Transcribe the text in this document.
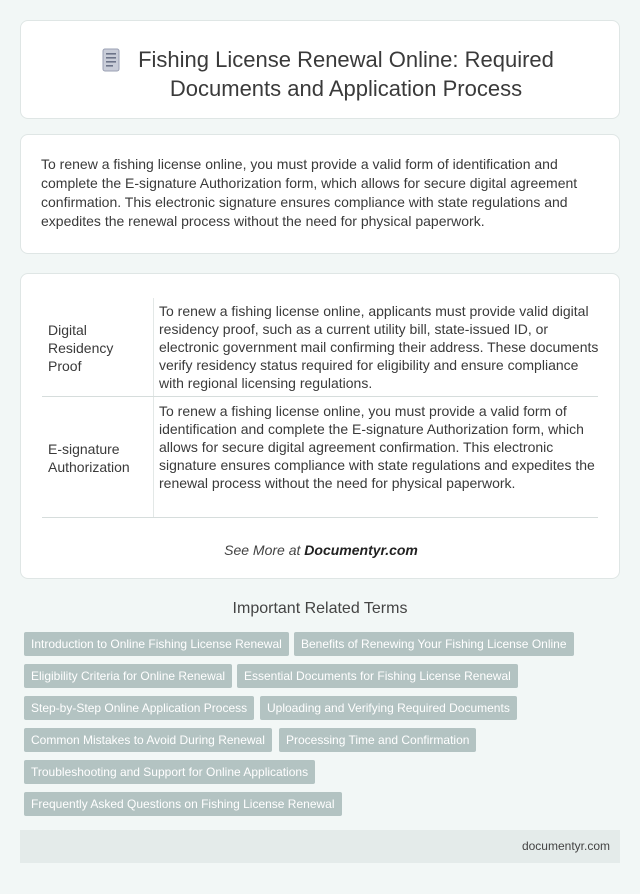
Fishing License Renewal Online: Required Documents and Application Process

To renew a fishing license online, you must provide a valid form of identification and complete the E-signature Authorization form, which allows for secure digital agreement confirmation. This electronic signature ensures compliance with state regulations and expedites the renewal process without the need for physical paperwork.

Digital Residency Proof
To renew a fishing license online, applicants must provide valid digital residency proof, such as a current utility bill, state-issued ID, or electronic government mail confirming their address. These documents verify residency status required for eligibility and ensure compliance with regional licensing regulations.
E-signature Authorization
To renew a fishing license online, you must provide a valid form of identification and complete the E-signature Authorization form, which allows for secure digital agreement confirmation. This electronic signature ensures compliance with state regulations and expedites the renewal process without the need for physical paperwork.
See More at Documentyr.com
Important Related Terms
Introduction to Online Fishing License Renewal	Benefits of Renewing Your Fishing License Online
Eligibility Criteria for Online Renewal	Essential Documents for Fishing License Renewal
Step-by-Step Online Application Process	Uploading and Verifying Required Documents
Common Mistakes to Avoid During Renewal	Processing Time and Confirmation
Troubleshooting and Support for Online Applications
Frequently Asked Questions on Fishing License Renewal
documentyr.com
